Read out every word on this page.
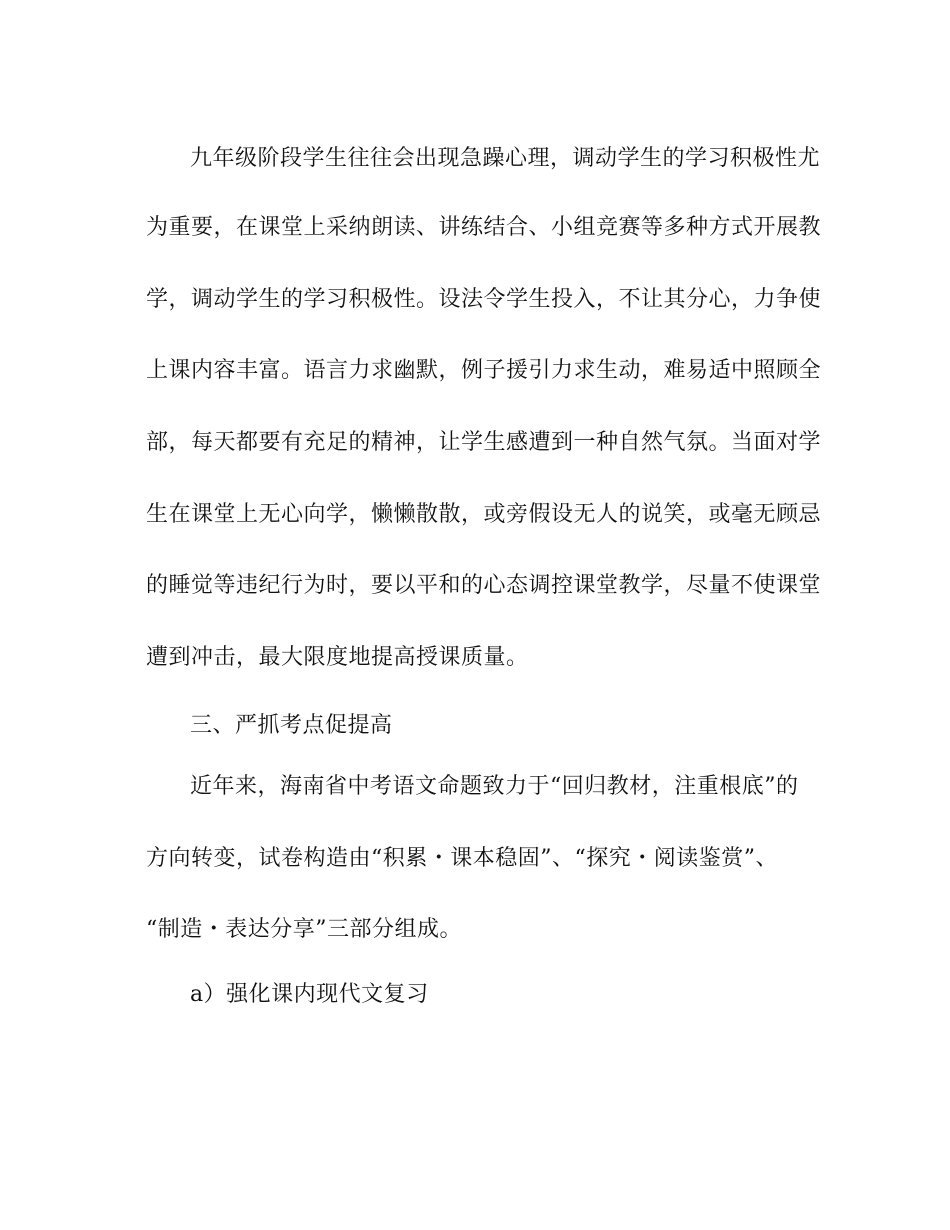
九年级阶段学生往往会出现急躁心理，调动学生的学习积极性尤
为重要，在课堂上采纳朗读、讲练结合、小组竞赛等多种方式开展教
学，调动学生的学习积极性。设法令学生投入，不让其分心，力争使
上课内容丰富。语言力求幽默，例子援引力求生动，难易适中照顾全
部，每天都要有充足的精神，让学生感遭到一种自然气氛。当面对学
生在课堂上无心向学，懒懒散散，或旁假设无人的说笑，或毫无顾忌
的睡觉等违纪行为时，要以平和的心态调控课堂教学，尽量不使课堂
遭到冲击，最大限度地提高授课质量。
三、严抓考点促提高
近年来，海南省中考语文命题致力于“回归教材，注重根底”的
方向转变，试卷构造由“积累・课本稳固”、“探究・阅读鉴赏”、
“制造・表达分享”三部分组成。
a）强化课内现代文复习
